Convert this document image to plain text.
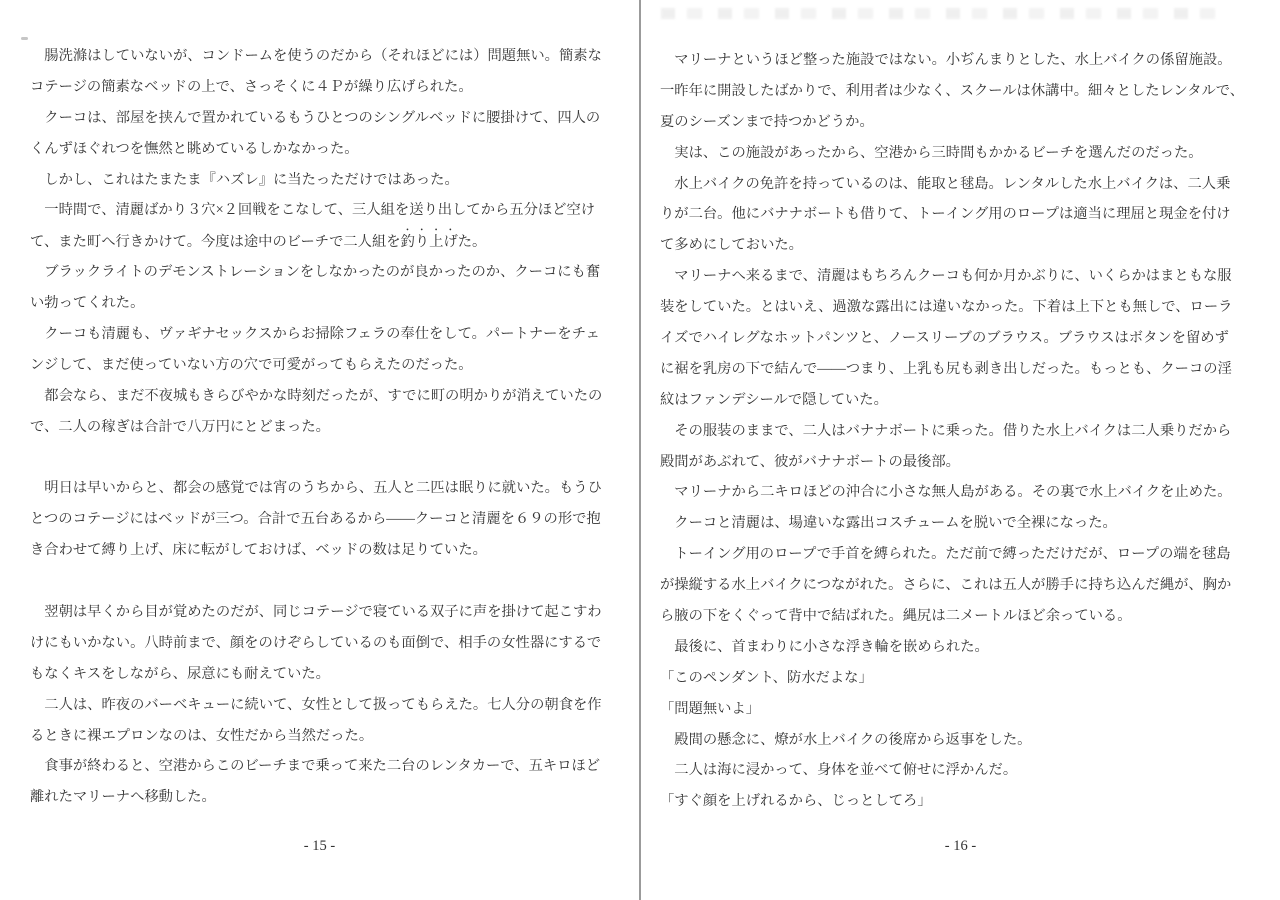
　腸洗滌はしていないが、コンドームを使うのだから（それほどには）問題無い。簡素な
コテージの簡素なベッドの上で、さっそくに４Ｐが繰り広げられた。
　クーコは、部屋を挟んで置かれているもうひとつのシングルベッドに腰掛けて、四人の
くんずほぐれつを憮然と眺めているしかなかった。
　しかし、これはたまたま『ハズレ』に当たっただけではあった。
　一時間で、清麗ばかり３穴×２回戦をこなして、三人組を送り出してから五分ほど空け
て、また町へ行きかけて。今度は途中のビーチで二人組を釣り上げた。
　ブラックライトのデモンストレーションをしなかったのが良かったのか、クーコにも奮
い勃ってくれた。
　クーコも清麗も、ヴァギナセックスからお掃除フェラの奉仕をして。パートナーをチェ
ンジして、まだ使っていない方の穴で可愛がってもらえたのだった。
　都会なら、まだ不夜城もきらびやかな時刻だったが、すでに町の明かりが消えていたの
で、二人の稼ぎは合計で八万円にとどまった。

　明日は早いからと、都会の感覚では宵のうちから、五人と二匹は眠りに就いた。もうひ
とつのコテージにはベッドが三つ。合計で五台あるから——クーコと清麗を６９の形で抱
き合わせて縛り上げ、床に転がしておけば、ベッドの数は足りていた。

　翌朝は早くから目が覚めたのだが、同じコテージで寝ている双子に声を掛けて起こすわ
けにもいかない。八時前まで、顔をのけぞらしているのも面倒で、相手の女性器にするで
もなくキスをしながら、尿意にも耐えていた。
　二人は、昨夜のバーベキューに続いて、女性として扱ってもらえた。七人分の朝食を作
るときに裸エプロンなのは、女性だから当然だった。
　食事が終わると、空港からこのビーチまで乗って来た二台のレンタカーで、五キロほど
離れたマリーナへ移動した。
- 15 -
　マリーナというほど整った施設ではない。小ぢんまりとした、水上バイクの係留施設。
一昨年に開設したばかりで、利用者は少なく、スクールは休講中。細々としたレンタルで、
夏のシーズンまで持つかどうか。
　実は、この施設があったから、空港から三時間もかかるビーチを選んだのだった。
　水上バイクの免許を持っているのは、能取と毬島。レンタルした水上バイクは、二人乗
りが二台。他にバナナボートも借りて、トーイング用のロープは適当に理屈と現金を付け
て多めにしておいた。
　マリーナへ来るまで、清麗はもちろんクーコも何か月かぶりに、いくらかはまともな服
装をしていた。とはいえ、過激な露出には違いなかった。下着は上下とも無しで、ローラ
イズでハイレグなホットパンツと、ノースリーブのブラウス。ブラウスはボタンを留めず
に裾を乳房の下で結んで——つまり、上乳も尻も剥き出しだった。もっとも、クーコの淫
紋はファンデシールで隠していた。
　その服装のままで、二人はバナナボートに乗った。借りた水上バイクは二人乗りだから
殿間があぶれて、彼がバナナボートの最後部。
　マリーナから二キロほどの沖合に小さな無人島がある。その裏で水上バイクを止めた。
　クーコと清麗は、場違いな露出コスチュームを脱いで全裸になった。
　トーイング用のロープで手首を縛られた。ただ前で縛っただけだが、ロープの端を毬島
が操縦する水上バイクにつながれた。さらに、これは五人が勝手に持ち込んだ縄が、胸か
ら腋の下をくぐって背中で結ばれた。縄尻は二メートルほど余っている。
　最後に、首まわりに小さな浮き輪を嵌められた。
「このペンダント、防水だよな」
「問題無いよ」
　殿間の懸念に、燎が水上バイクの後席から返事をした。
　二人は海に浸かって、身体を並べて俯せに浮かんだ。
「すぐ顔を上げれるから、じっとしてろ」
- 16 -
